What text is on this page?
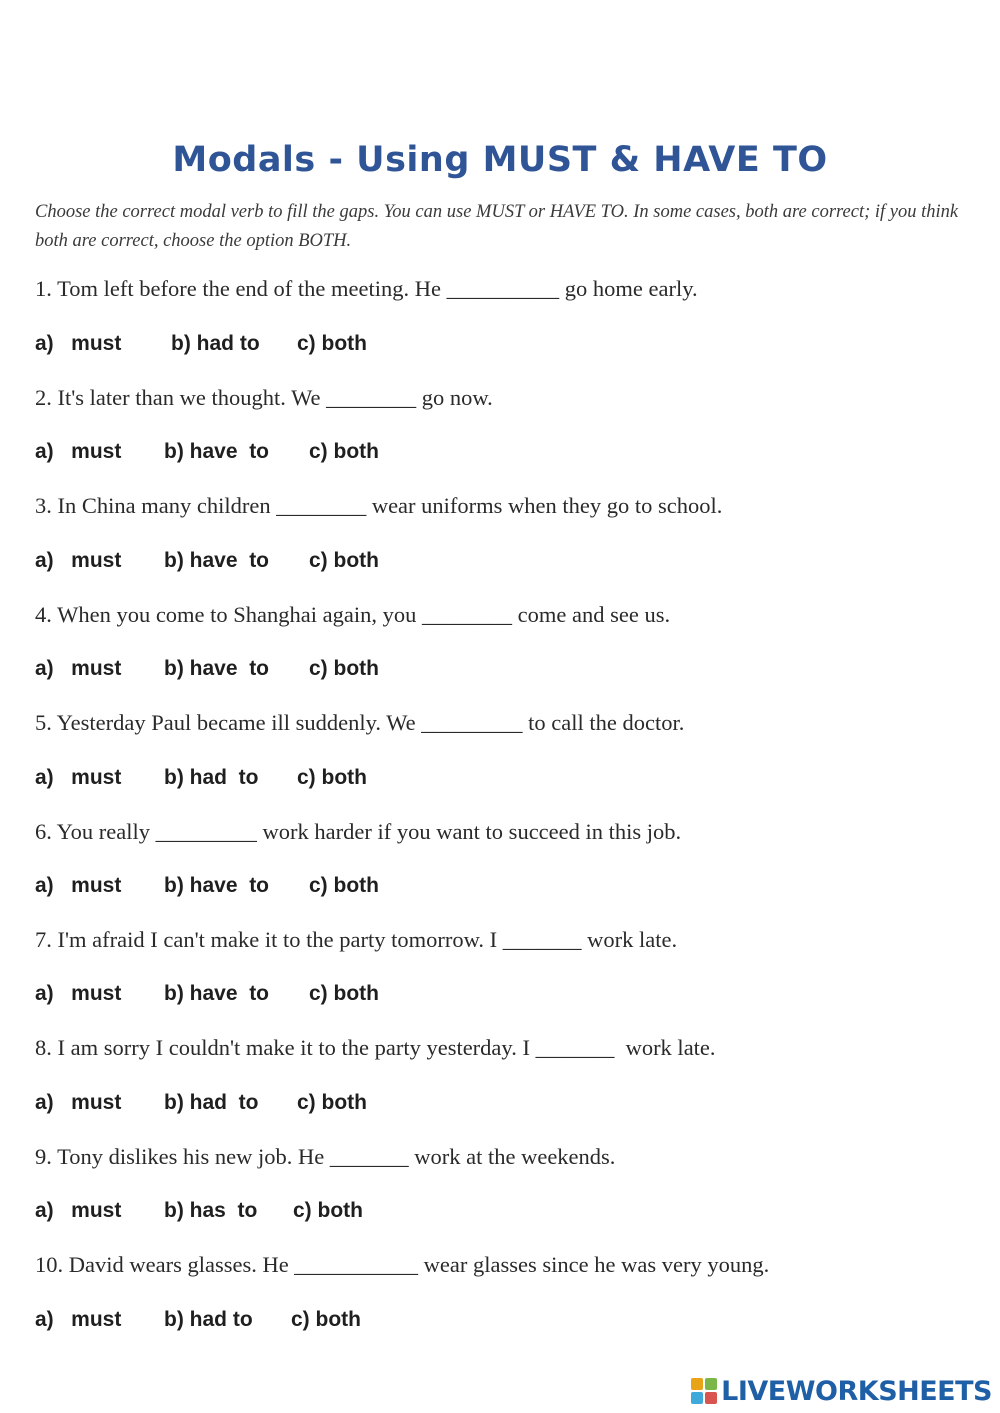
Modals - Using MUST & HAVE TO
Choose the correct modal verb to fill the gaps. You can use MUST or HAVE TO. In some cases, both are correct; if you think both are correct, choose the option BOTH.
1. Tom left before the end of the meeting. He __________ go home early.
a)   must b) had to c) both
2. It's later than we thought. We ________ go now.
a)   must b) have  to c) both
3. In China many children ________ wear uniforms when they go to school.
a)   must b) have  to c) both
4. When you come to Shanghai again, you ________ come and see us.
a)   must b) have  to c) both
5. Yesterday Paul became ill suddenly. We _________ to call the doctor.
a)   must b) had  to c) both
6. You really _________ work harder if you want to succeed in this job.
a)   must b) have  to c) both
7. I'm afraid I can't make it to the party tomorrow. I _______ work late.
a)   must b) have  to c) both
8. I am sorry I couldn't make it to the party yesterday. I _______  work late.
a)   must b) had  to c) both
9. Tony dislikes his new job. He _______ work at the weekends.
a)   must b) has  to c) both
10. David wears glasses. He ___________ wear glasses since he was very young.
a)   must b) had to c) both
LIVEWORKSHEETS
